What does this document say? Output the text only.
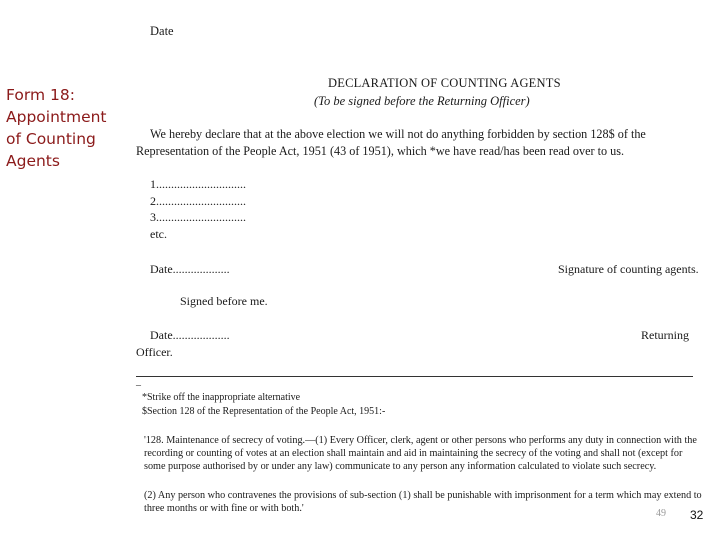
Form 18:
Appointment
of Counting
Agents
Date
DECLARATION OF COUNTING AGENTS
(To be signed before the Returning Officer)
We hereby declare that at the above election we will not do anything forbidden by section 128$ of the
Representation of the People Act, 1951 (43 of 1951), which *we have read/has been read over to us.
1..............................
2..............................
3..............................
etc.
Date...................	Signature of counting agents.
Signed before me.
Date...................	Returning
Officer.
–
*Strike off the inappropriate alternative
$Section 128 of the Representation of the People Act, 1951:-
'128. Maintenance of secrecy of voting.—(1) Every Officer, clerk, agent or other persons who performs any duty in connection with the recording or counting of votes at an election shall maintain and aid in maintaining the secrecy of the voting and shall not (except for some purpose authorised by or under any law) communicate to any person any information calculated to violate such secrecy.
(2) Any person who contravenes the provisions of sub-section (1) shall be punishable with imprisonment for a term which may extend to three months or with fine or with both.'	49 32
